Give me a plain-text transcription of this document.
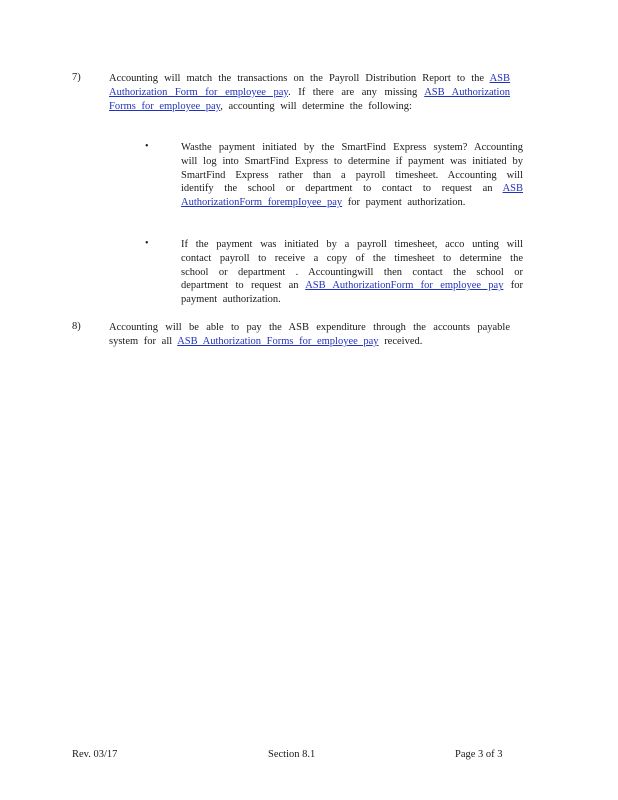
7)	Accounting will match the transactions on the Payroll Distribution Report to the ASB Authorization Form for employee pay. If there are any missing ASB Authorization Forms for employee pay, accounting will determine the following:
•	Wasthe payment initiated by the SmartFind Express system? Accounting will log into SmartFind Express to determine if payment was initiated by SmartFind Express rather than a payroll timesheet. Accounting will identify the school or department to contact to request an ASB AuthorizationForm forempIoyee pay for payment authorization.
•	If the payment was initiated by a payroll timesheet, acco unting will contact payroll to receive a copy of the timesheet to determine the school or department . Accountingwill then contact the school or department to request an ASB AuthorizationForm for employee pay for payment authorization.
8)	Accounting will be able to pay the ASB expenditure through the accounts payable system for all ASB Authorization Forms for employee pay received.
Rev. 03/17	Section 8.1	Page 3 of 3
